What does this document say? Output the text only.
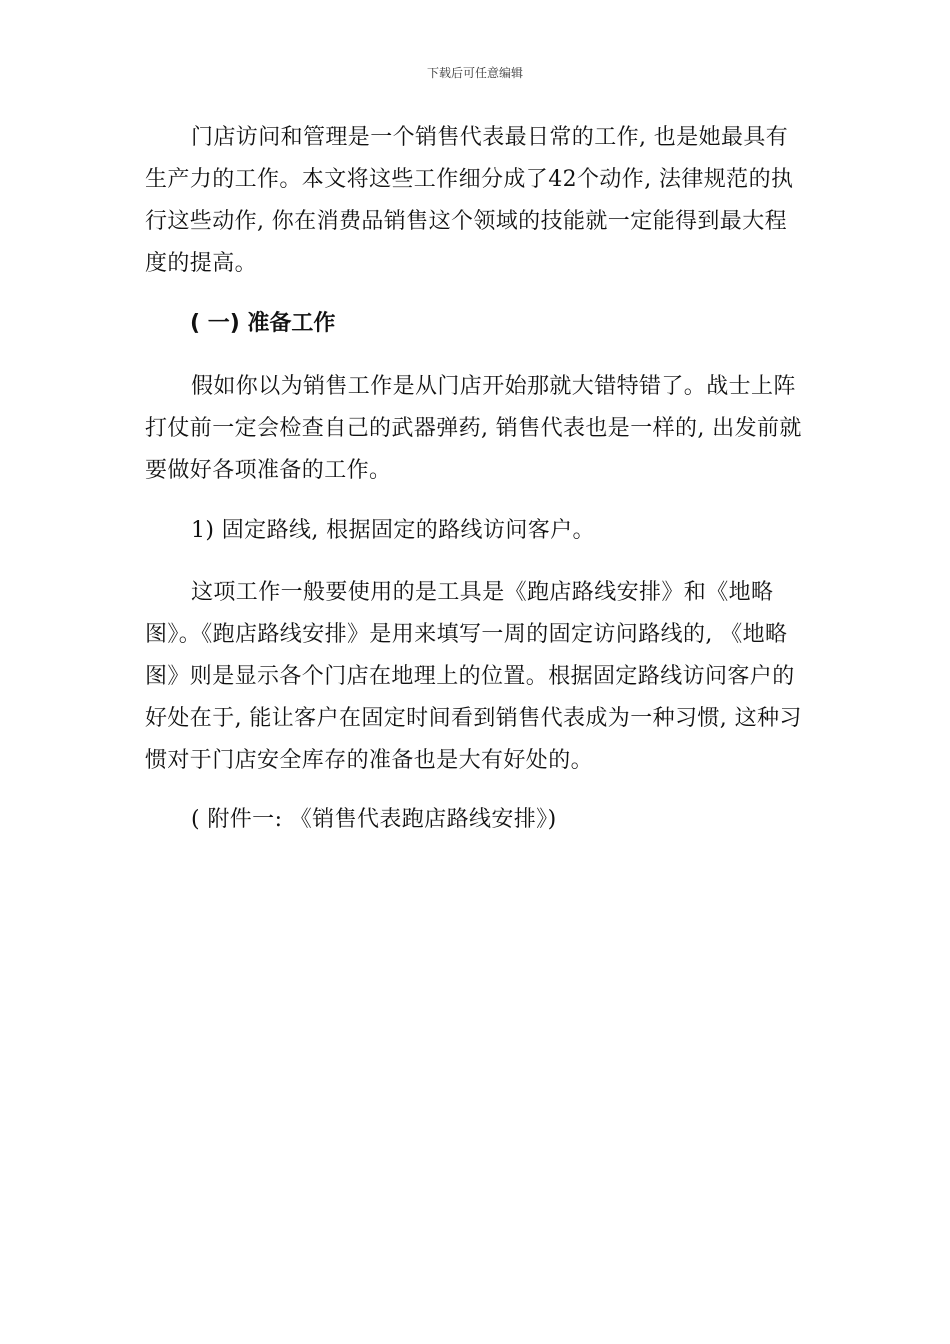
下载后可任意编辑

门店访问和管理是一个销售代表最日常的工作, 也是她最具有生产力的工作。本文将这些工作细分成了42个动作, 法律规范的执行这些动作, 你在消费品销售这个领域的技能就一定能得到最大程度的提高。

( 一) 准备工作

假如你以为销售工作是从门店开始那就大错特错了。战士上阵打仗前一定会检查自己的武器弹药, 销售代表也是一样的, 出发前就要做好各项准备的工作。

1) 固定路线, 根据固定的路线访问客户。

这项工作一般要使用的是工具是《跑店路线安排》和《地略图》。《跑店路线安排》是用来填写一周的固定访问路线的, 《地略图》则是显示各个门店在地理上的位置。根据固定路线访问客户的好处在于, 能让客户在固定时间看到销售代表成为一种习惯, 这种习惯对于门店安全库存的准备也是大有好处的。

( 附件一: 《销售代表跑店路线安排》)
